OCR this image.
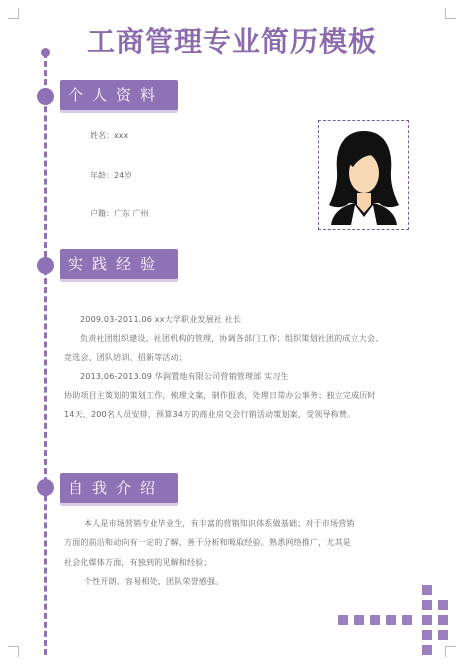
工商管理专业简历模板
个人资料
姓名：xxx
年龄：24岁
户籍：广东 广州
实践经验
2009.03-2011.06 xx大学职业发展社 社长
负责社团组织建设，社团机构的管理，协调各部门工作；组织策划社团的成立大会、
竞选会、团队培训、招新等活动；
2013.06-2013.09 华润置地有限公司营销管理部 实习生
协助项目主策划的策划工作，梳理文案，制作报表，处理日常办公事务；独立完成历时
14天，200名人员安排，预算34万的商业房交会行销活动策划案，受领导称赞。
自我介绍
本人是市场营销专业毕业生，有丰富的营销知识体系做基础；对于市场营销
方面的前沿和动向有一定的了解，善于分析和吸取经验。熟悉网络推广，尤其是
社会化媒体方面，有独到的见解和经验；
个性开朗，容易相处，团队荣誉感强。
